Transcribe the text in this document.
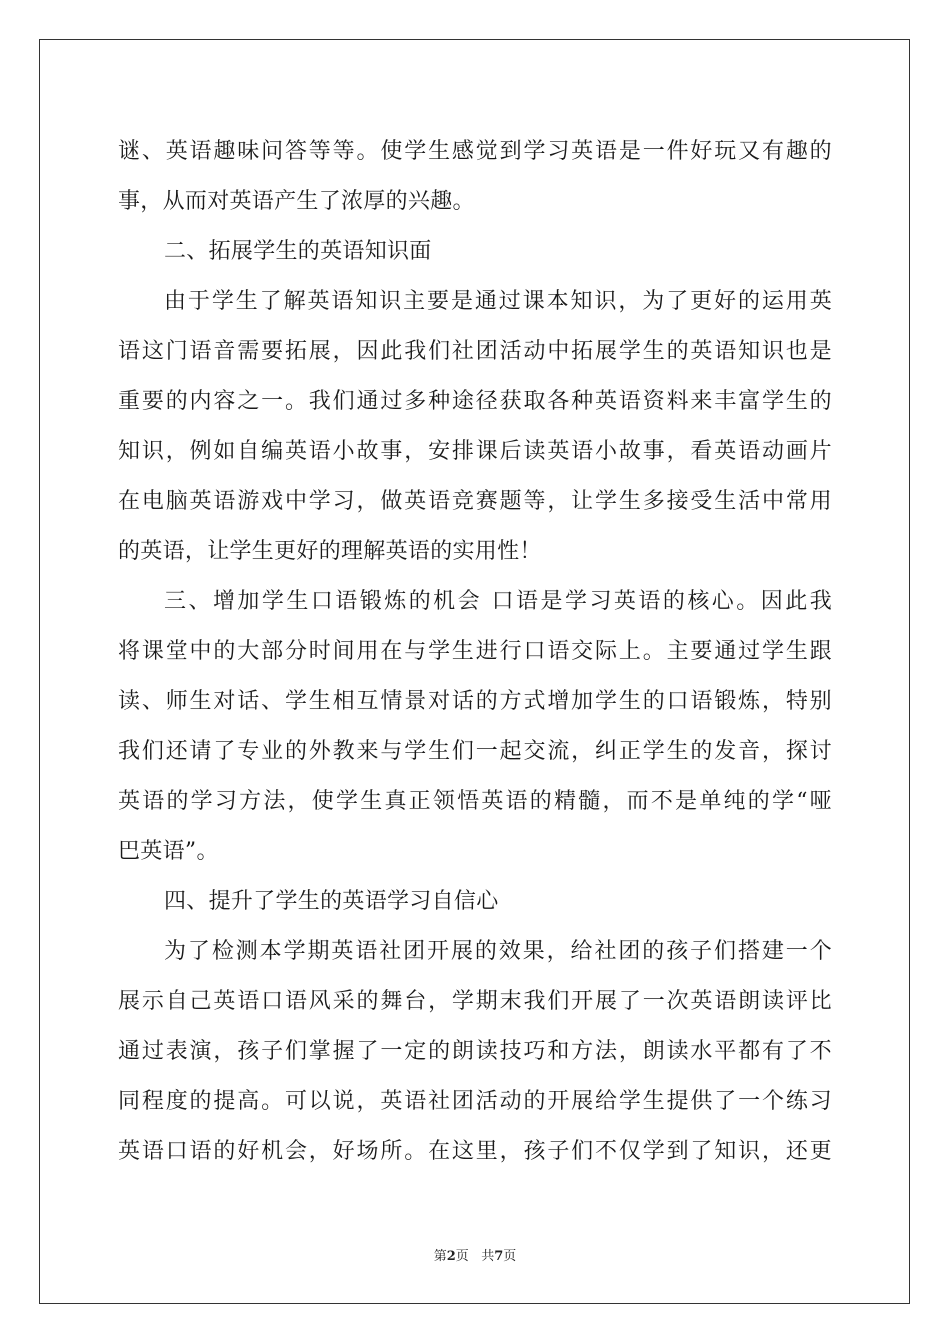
谜、英语趣味问答等等。使学生感觉到学习英语是一件好玩又有趣的
事，从而对英语产生了浓厚的兴趣。
二、拓展学生的英语知识面
由于学生了解英语知识主要是通过课本知识，为了更好的运用英
语这门语音需要拓展，因此我们社团活动中拓展学生的英语知识也是
重要的内容之一。我们通过多种途径获取各种英语资料来丰富学生的
知识，例如自编英语小故事，安排课后读英语小故事，看英语动画片
在电脑英语游戏中学习，做英语竞赛题等，让学生多接受生活中常用
的英语，让学生更好的理解英语的实用性！
三、增加学生口语锻炼的机会 口语是学习英语的核心。因此我
将课堂中的大部分时间用在与学生进行口语交际上。主要通过学生跟
读、师生对话、学生相互情景对话的方式增加学生的口语锻炼，特别
我们还请了专业的外教来与学生们一起交流，纠正学生的发音，探讨
英语的学习方法，使学生真正领悟英语的精髓，而不是单纯的学“哑
巴英语”。
四、提升了学生的英语学习自信心
为了检测本学期英语社团开展的效果，给社团的孩子们搭建一个
展示自己英语口语风采的舞台，学期末我们开展了一次英语朗读评比
通过表演，孩子们掌握了一定的朗读技巧和方法，朗读水平都有了不
同程度的提高。可以说，英语社团活动的开展给学生提供了一个练习
英语口语的好机会，好场所。在这里，孩子们不仅学到了知识，还更
第2页 共7页
